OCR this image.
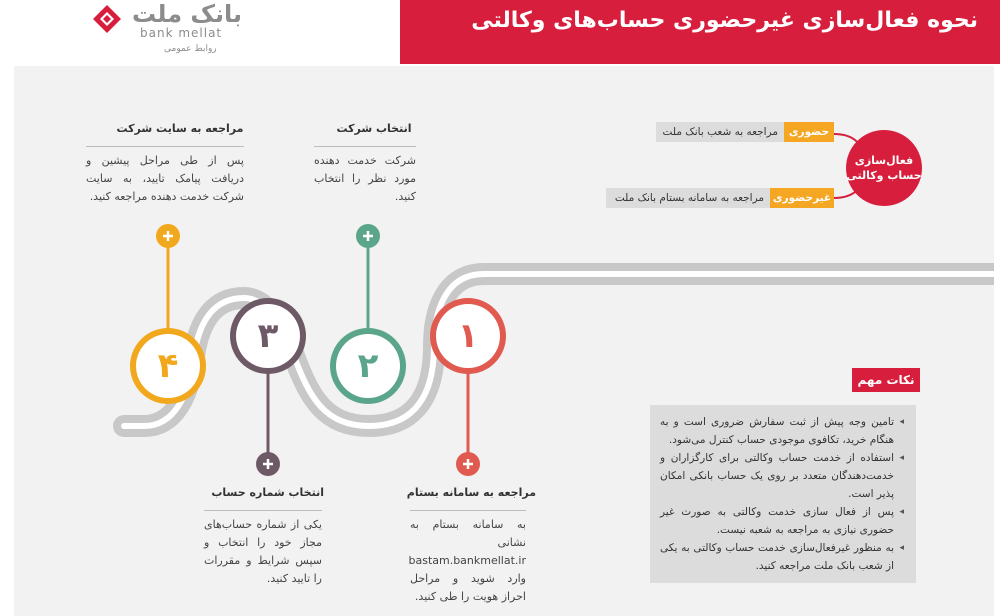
نحوه فعال‌سازی غیرحضوری حساب‌های وکالتی
بانک ملت
bank mellat
روابط عمومی
۱
۲
۳
۴
مراجعه به سایت شرکت
پس از طی مراحل پیشین و دریافت پیامک تایید، به سایت شرکت خدمت دهنده مراجعه کنید.
انتخاب شرکت
شرکت خدمت دهنده مورد نظر را انتخاب کنید.
انتخاب شماره حساب
یکی از شماره حساب‌های مجاز خود را انتخاب و سپس شرایط و مقررات را تایید کنید.
مراجعه به سامانه بستام
به سامانه بستام به نشانی bastam.bankmellat.ir وارد شوید و مراحل احراز هویت را طی کنید.
فعال‌سازی حساب وکالتی
حضوری
مراجعه به شعب بانک ملت
غیرحضوری
مراجعه به سامانه بستام بانک ملت
نکات مهم

◂ تامین وجه پیش از ثبت سفارش ضروری است و به هنگام خرید، تکافوی موجودی حساب کنترل می‌شود.

◂ استفاده از خدمت حساب وکالتی برای کارگزاران و خدمت‌دهندگان متعدد بر روی یک حساب بانکی امکان پذیر است.

◂ پس از فعال سازی خدمت وکالتی به صورت غیر حضوری نیازی به مراجعه به شعبه نیست.

◂ به منظور غیرفعال‌سازی خدمت حساب وکالتی به یکی از شعب بانک ملت مراجعه کنید.
